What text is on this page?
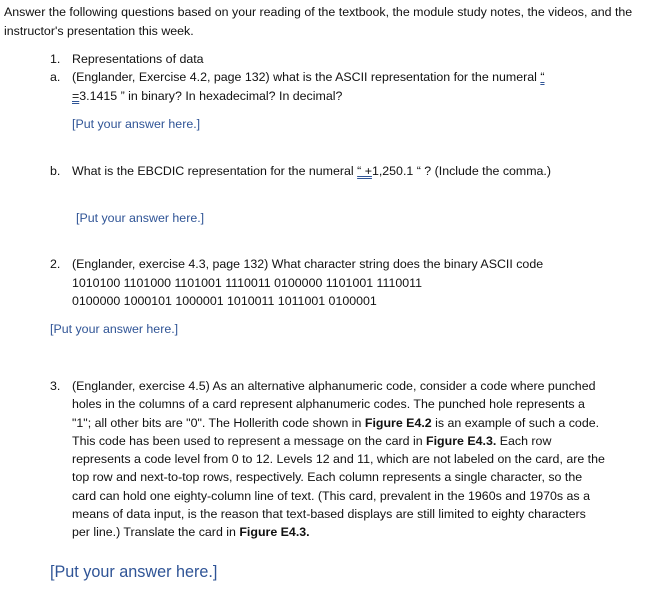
Answer the following questions based on your reading of the textbook, the module study notes, the videos, and the instructor's presentation this week.
1. Representations of data
a. (Englander, Exercise 4.2, page 132) what is the ASCII representation for the numeral “
=3.1415 ” in binary? In hexadecimal? In decimal?
[Put your answer here.]
b. What is the EBCDIC representation for the numeral “ +1,250.1 “ ? (Include the comma.)
[Put your answer here.]
2. (Englander, exercise 4.3, page 132) What character string does the binary ASCII code
1010100 1101000 1101001 1110011 0100000 1101001 1110011
0100000 1000101 1000001 1010011 1011001 0100001
[Put your answer here.]
3. (Englander, exercise 4.5) As an alternative alphanumeric code, consider a code where punched holes in the columns of a card represent alphanumeric codes. The punched hole represents a "1"; all other bits are "0". The Hollerith code shown in Figure E4.2 is an example of such a code. This code has been used to represent a message on the card in Figure E4.3. Each row represents a code level from 0 to 12. Levels 12 and 11, which are not labeled on the card, are the top row and next-to-top rows, respectively. Each column represents a single character, so the card can hold one eighty-column line of text. (This card, prevalent in the 1960s and 1970s as a means of data input, is the reason that text-based displays are still limited to eighty characters per line.) Translate the card in Figure E4.3.
[Put your answer here.]
